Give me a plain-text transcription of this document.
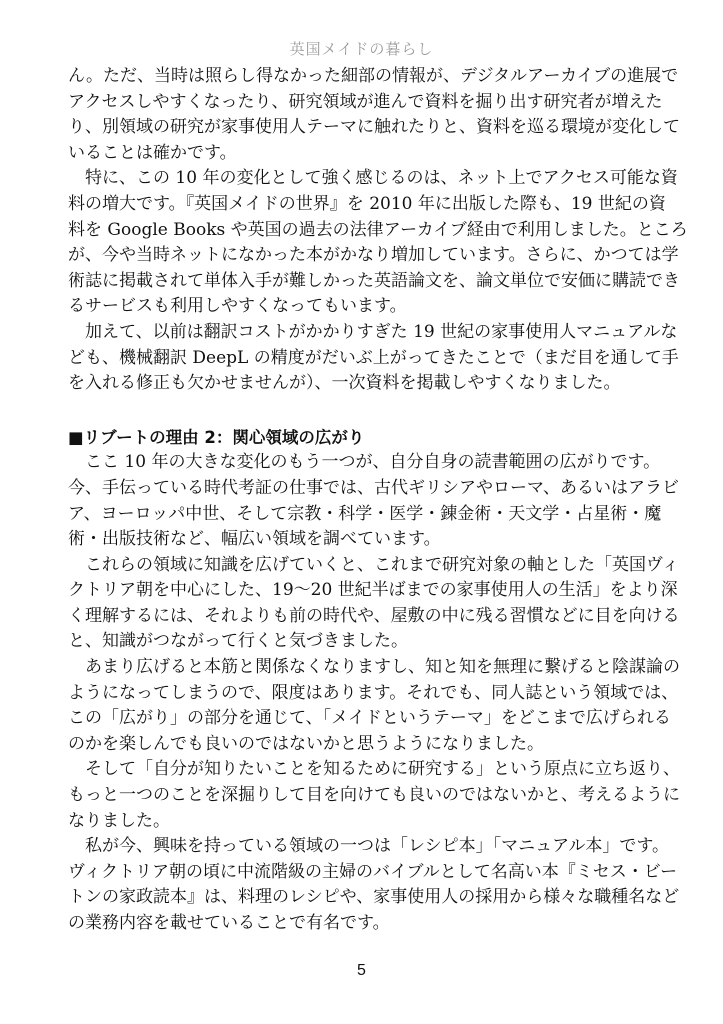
英国メイドの暮らし
ん。ただ、当時は照らし得なかった細部の情報が、デジタルアーカイブの進展で
アクセスしやすくなったり、研究領域が進んで資料を掘り出す研究者が増えた
り、別領域の研究が家事使用人テーマに触れたりと、資料を巡る環境が変化して
いることは確かです。
特に、この 10 年の変化として強く感じるのは、ネット上でアクセス可能な資
料の増大です。『英国メイドの世界』を 2010 年に出版した際も、19 世紀の資
料を Google Books や英国の過去の法律アーカイブ経由で利用しました。ところ
が、今や当時ネットになかった本がかなり増加しています。さらに、かつては学
術誌に掲載されて単体入手が難しかった英語論文を、論文単位で安価に購読でき
るサービスも利用しやすくなってもいます。
加えて、以前は翻訳コストがかかりすぎた 19 世紀の家事使用人マニュアルな
ども、機械翻訳 DeepL の精度がだいぶ上がってきたことで（まだ目を通して手
を入れる修正も欠かせませんが）、一次資料を掲載しやすくなりました。
■リブートの理由 2：関心領域の広がり
ここ 10 年の大きな変化のもう一つが、自分自身の読書範囲の広がりです。
今、手伝っている時代考証の仕事では、古代ギリシアやローマ、あるいはアラビ
ア、ヨーロッパ中世、そして宗教・科学・医学・錬金術・天文学・占星術・魔
術・出版技術など、幅広い領域を調べています。
これらの領域に知識を広げていくと、これまで研究対象の軸とした「英国ヴィ
クトリア朝を中心にした、19〜20 世紀半ばまでの家事使用人の生活」をより深
く理解するには、それよりも前の時代や、屋敷の中に残る習慣などに目を向ける
と、知識がつながって行くと気づきました。
あまり広げると本筋と関係なくなりますし、知と知を無理に繋げると陰謀論の
ようになってしまうので、限度はあります。それでも、同人誌という領域では、
この「広がり」の部分を通じて、「メイドというテーマ」をどこまで広げられる
のかを楽しんでも良いのではないかと思うようになりました。
そして「自分が知りたいことを知るために研究する」という原点に立ち返り、
もっと一つのことを深掘りして目を向けても良いのではないかと、考えるように
なりました。
私が今、興味を持っている領域の一つは「レシピ本」「マニュアル本」です。
ヴィクトリア朝の頃に中流階級の主婦のバイブルとして名高い本『ミセス・ビー
トンの家政読本』は、料理のレシピや、家事使用人の採用から様々な職種名など
の業務内容を載せていることで有名です。
5
